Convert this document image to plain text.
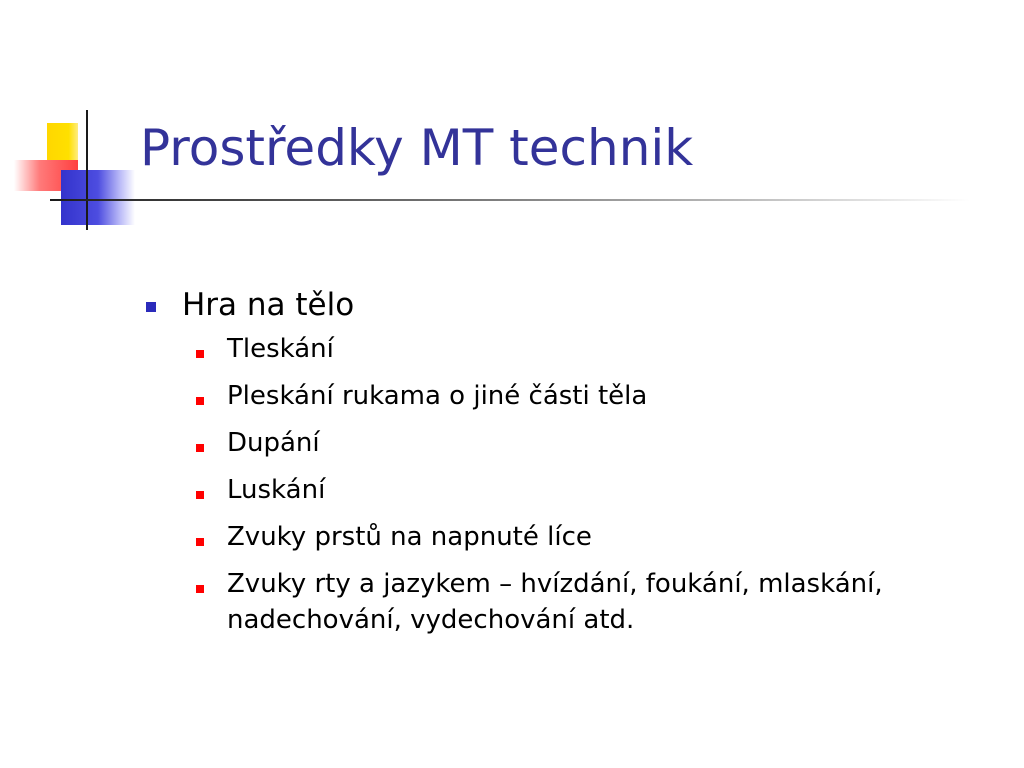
Prostředky MT technik
Hra na tělo
Tleskání
Pleskání rukama o jiné části těla
Dupání
Luskání
Zvuky prstů na napnuté líce
Zvuky rty a jazykem – hvízdání, foukání, mlaskání, nadechování, vydechování atd.
